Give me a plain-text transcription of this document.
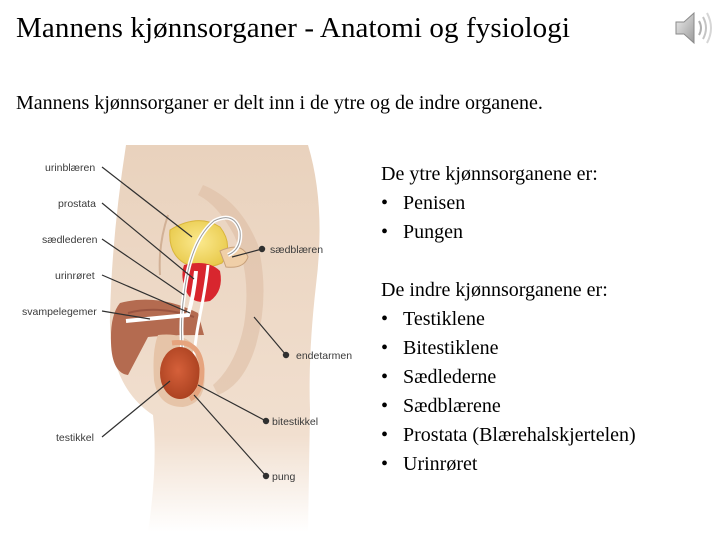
Mannens kjønnsorganer - Anatomi og fysiologi

Mannens kjønnsorganer er delt inn i de ytre og de indre organene.

urinblæren
prostata
sædlederen
urinrøret
svampelegemer
testikkel
sædblæren
endetarmen
bitestikkel
pung
De ytre kjønnsorganene er:
• Penisen
• Pungen
De indre kjønnsorganene er:
• Testiklene
• Bitestiklene
• Sædlederne
• Sædblærene
• Prostata (Blærehalskjertelen)
• Urinrøret
